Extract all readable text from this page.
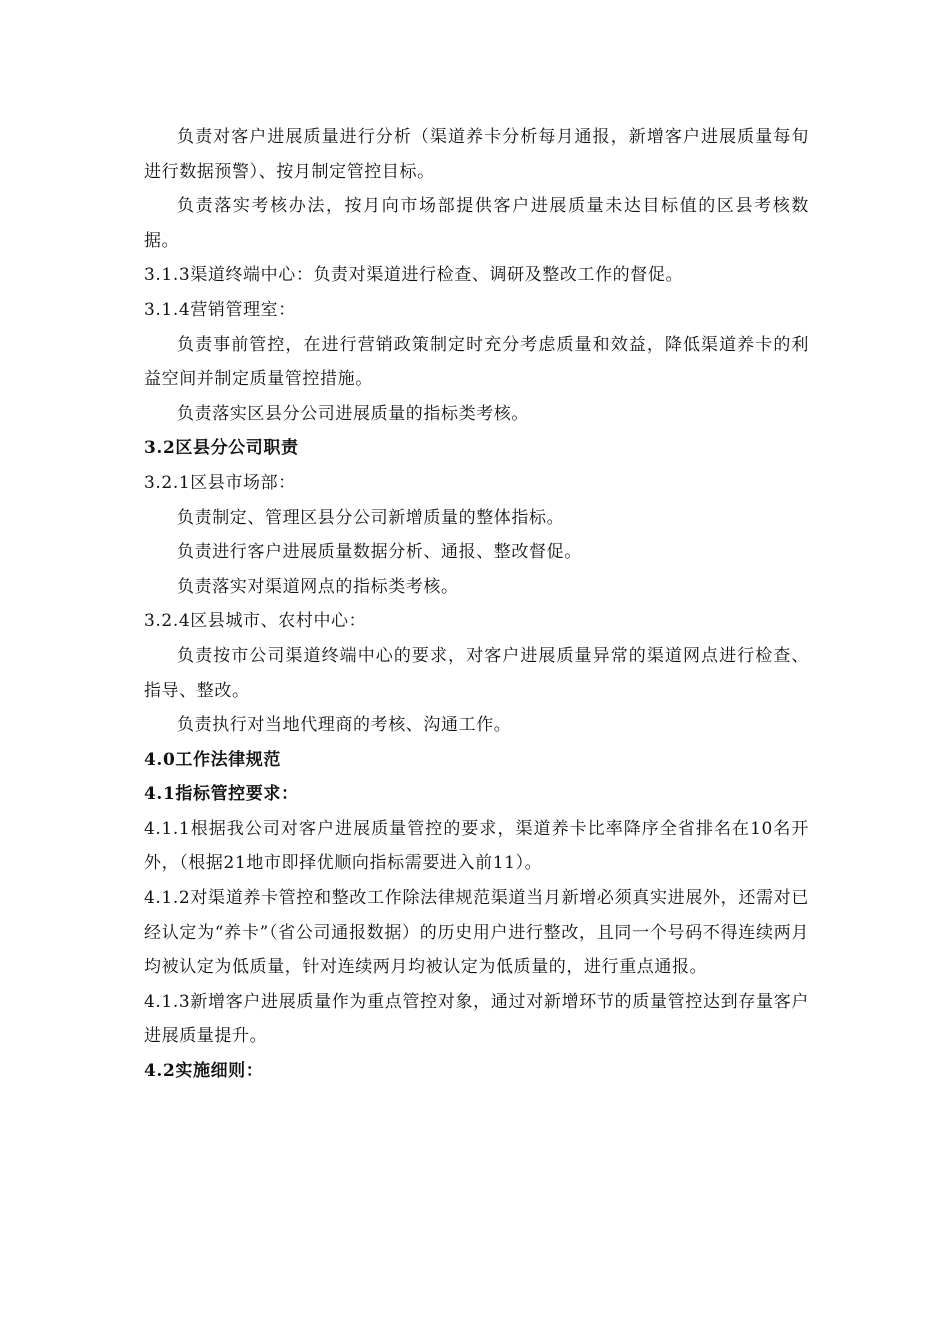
负责对客户进展质量进行分析（渠道养卡分析每月通报，新增客户进展质量每旬进行数据预警）、按月制定管控目标。

负责落实考核办法，按月向市场部提供客户进展质量未达目标值的区县考核数据。

3.1.3渠道终端中心：负责对渠道进行检查、调研及整改工作的督促。

3.1.4营销管理室：

负责事前管控，在进行营销政策制定时充分考虑质量和效益，降低渠道养卡的利益空间并制定质量管控措施。

负责落实区县分公司进展质量的指标类考核。

3.2区县分公司职责

3.2.1区县市场部：

负责制定、管理区县分公司新增质量的整体指标。

负责进行客户进展质量数据分析、通报、整改督促。

负责落实对渠道网点的指标类考核。

3.2.4区县城市、农村中心：

负责按市公司渠道终端中心的要求，对客户进展质量异常的渠道网点进行检查、指导、整改。

负责执行对当地代理商的考核、沟通工作。

4.0工作法律规范

4.1指标管控要求：

4.1.1根据我公司对客户进展质量管控的要求，渠道养卡比率降序全省排名在10名开外，（根据21地市即择优顺向指标需要进入前11）。

4.1.2对渠道养卡管控和整改工作除法律规范渠道当月新增必须真实进展外，还需对已经认定为“养卡”（省公司通报数据）的历史用户进行整改，且同一个号码不得连续两月均被认定为低质量，针对连续两月均被认定为低质量的，进行重点通报。

4.1.3新增客户进展质量作为重点管控对象，通过对新增环节的质量管控达到存量客户进展质量提升。

4.2实施细则：
